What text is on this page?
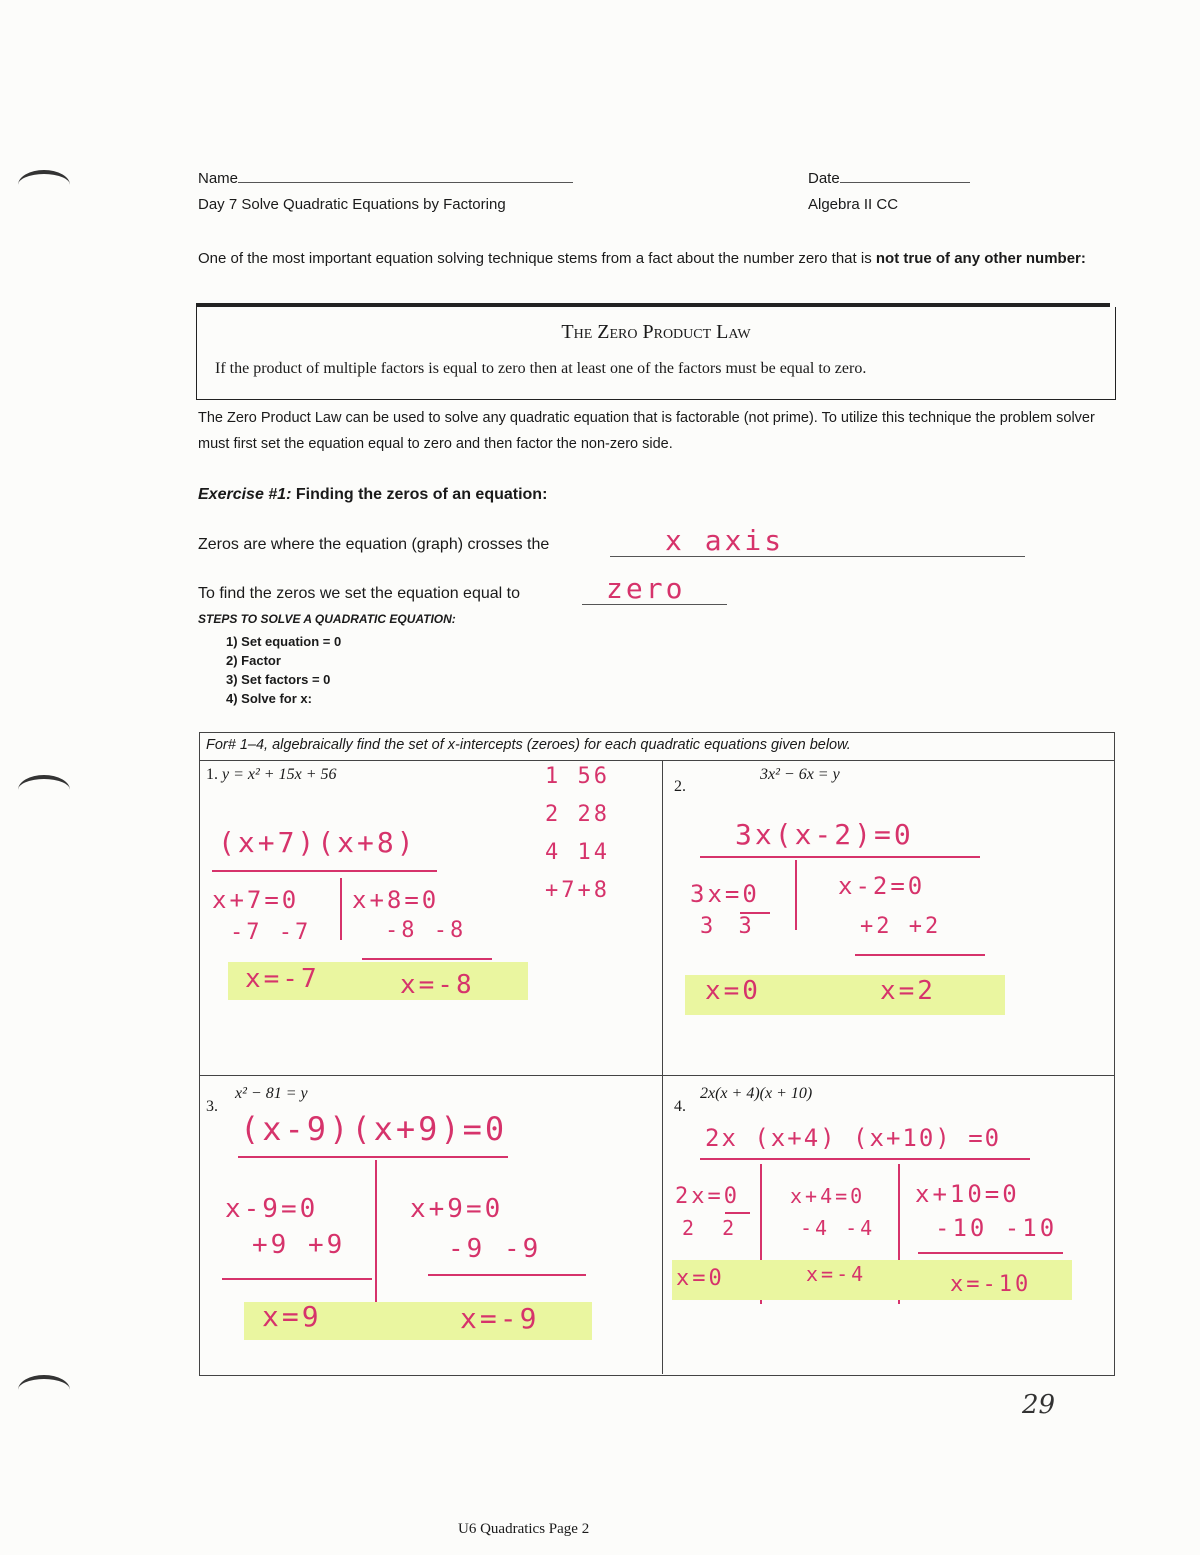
Name	Date
Day 7 Solve Quadratic Equations by Factoring	Algebra II CC
One of the most important equation solving technique stems from a fact about the number zero that is not true of any other number:
The Zero Product Law
If the product of multiple factors is equal to zero then at least one of the factors must be equal to zero.
The Zero Product Law can be used to solve any quadratic equation that is factorable (not prime). To utilize this technique the problem solver must first set the equation equal to zero and then factor the non-zero side.
Exercise #1: Finding the zeros of an equation:
Zeros are where the equation (graph) crosses the	x axis
To find the zeros we set the equation equal to	zero
STEPS TO SOLVE A QUADRATIC EQUATION:
1) Set equation = 0
2) Factor
3) Set factors = 0
4) Solve for x:
For# 1–4, algebraically find the set of x-intercepts (zeroes) for each quadratic equations given below.
1. y = x² + 15x + 56	1 56
2 28
4 14
+7+8
(x+7)(x+8)
x+7=0
-7 -7
x+8=0
-8 -8
x=-7	x=-8
2.
3x² − 6x = y
3x(x-2)=0
3x=0
3 3
x-2=0
+2 +2
x=0	x=2
3.
x² − 81 = y
(x-9)(x+9)=0
x-9=0
+9 +9
x+9=0
-9 -9
x=9	x=-9
4.
2x(x + 4)(x + 10)
2x (x+4) (x+10) =0
2x=0
2 2
x+4=0
-4 -4
x+10=0
-10 -10
x=0	x=-4	x=-10
29
U6 Quadratics Page 2
